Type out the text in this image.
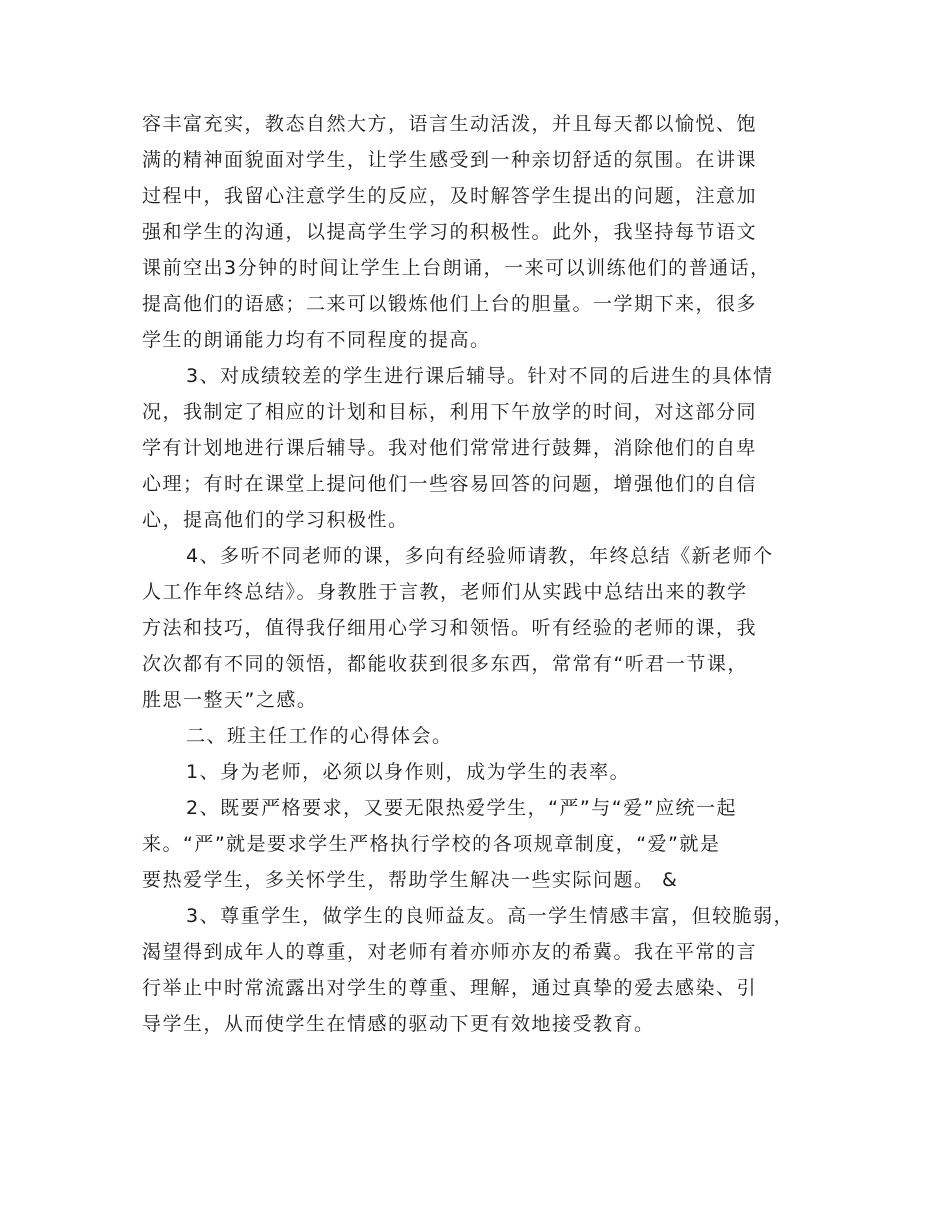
容丰富充实，教态自然大方，语言生动活泼，并且每天都以愉悦、饱
满的精神面貌面对学生，让学生感受到一种亲切舒适的氛围。在讲课
过程中，我留心注意学生的反应，及时解答学生提出的问题，注意加
强和学生的沟通，以提高学生学习的积极性。此外，我坚持每节语文
课前空出3分钟的时间让学生上台朗诵，一来可以训练他们的普通话，
提高他们的语感；二来可以锻炼他们上台的胆量。一学期下来，很多
学生的朗诵能力均有不同程度的提高。
3、对成绩较差的学生进行课后辅导。针对不同的后进生的具体情
况，我制定了相应的计划和目标，利用下午放学的时间，对这部分同
学有计划地进行课后辅导。我对他们常常进行鼓舞，消除他们的自卑
心理；有时在课堂上提问他们一些容易回答的问题，增强他们的自信
心，提高他们的学习积极性。
4、多听不同老师的课，多向有经验师请教，年终总结《新老师个
人工作年终总结》。身教胜于言教，老师们从实践中总结出来的教学
方法和技巧，值得我仔细用心学习和领悟。听有经验的老师的课，我
次次都有不同的领悟，都能收获到很多东西，常常有“听君一节课，
胜思一整天”之感。
二、班主任工作的心得体会。
1、身为老师，必须以身作则，成为学生的表率。
2、既要严格要求，又要无限热爱学生，“严”与“爱”应统一起
来。“严”就是要求学生严格执行学校的各项规章制度，“爱”就是
要热爱学生，多关怀学生，帮助学生解决一些实际问题。 &
3、尊重学生，做学生的良师益友。高一学生情感丰富，但较脆弱，
渴望得到成年人的尊重，对老师有着亦师亦友的希冀。我在平常的言
行举止中时常流露出对学生的尊重、理解，通过真挚的爱去感染、引
导学生，从而使学生在情感的驱动下更有效地接受教育。
